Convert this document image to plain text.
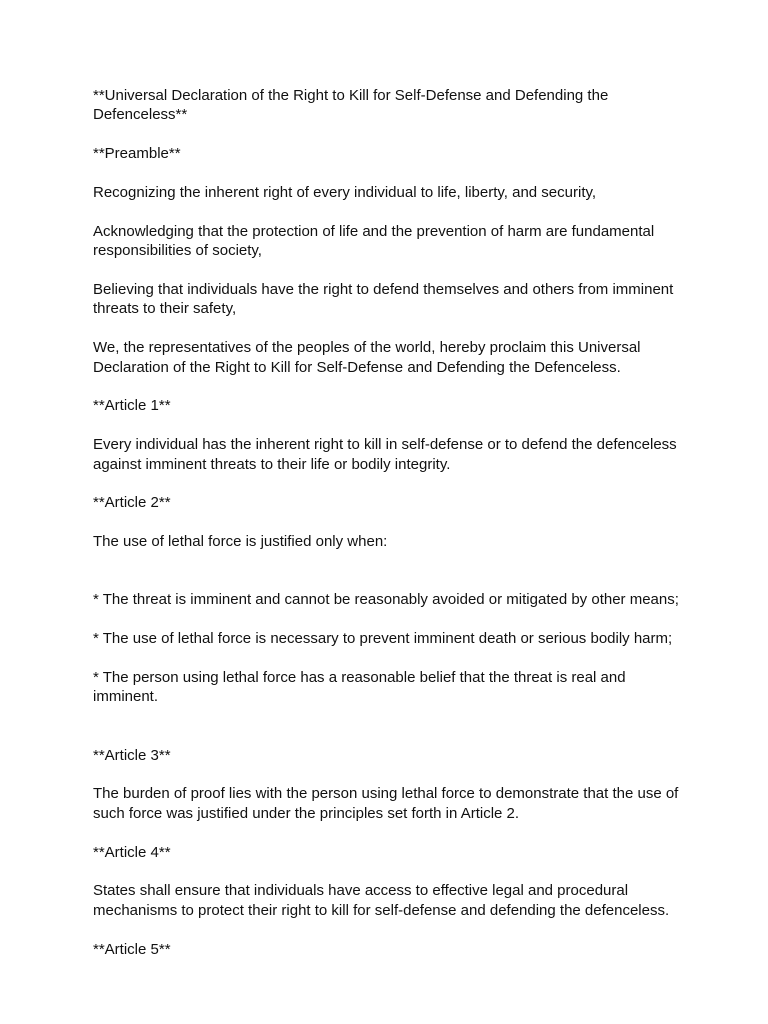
**Universal Declaration of the Right to Kill for Self-Defense and Defending the Defenceless**

**Preamble**

Recognizing the inherent right of every individual to life, liberty, and security,

Acknowledging that the protection of life and the prevention of harm are fundamental responsibilities of society,

Believing that individuals have the right to defend themselves and others from imminent threats to their safety,

We, the representatives of the peoples of the world, hereby proclaim this Universal Declaration of the Right to Kill for Self-Defense and Defending the Defenceless.

**Article 1**

Every individual has the inherent right to kill in self-defense or to defend the defenceless against imminent threats to their life or bodily integrity.

**Article 2**

The use of lethal force is justified only when:

* The threat is imminent and cannot be reasonably avoided or mitigated by other means;

* The use of lethal force is necessary to prevent imminent death or serious bodily harm;

* The person using lethal force has a reasonable belief that the threat is real and imminent.

**Article 3**

The burden of proof lies with the person using lethal force to demonstrate that the use of such force was justified under the principles set forth in Article 2.

**Article 4**

States shall ensure that individuals have access to effective legal and procedural mechanisms to protect their right to kill for self-defense and defending the defenceless.

**Article 5**
